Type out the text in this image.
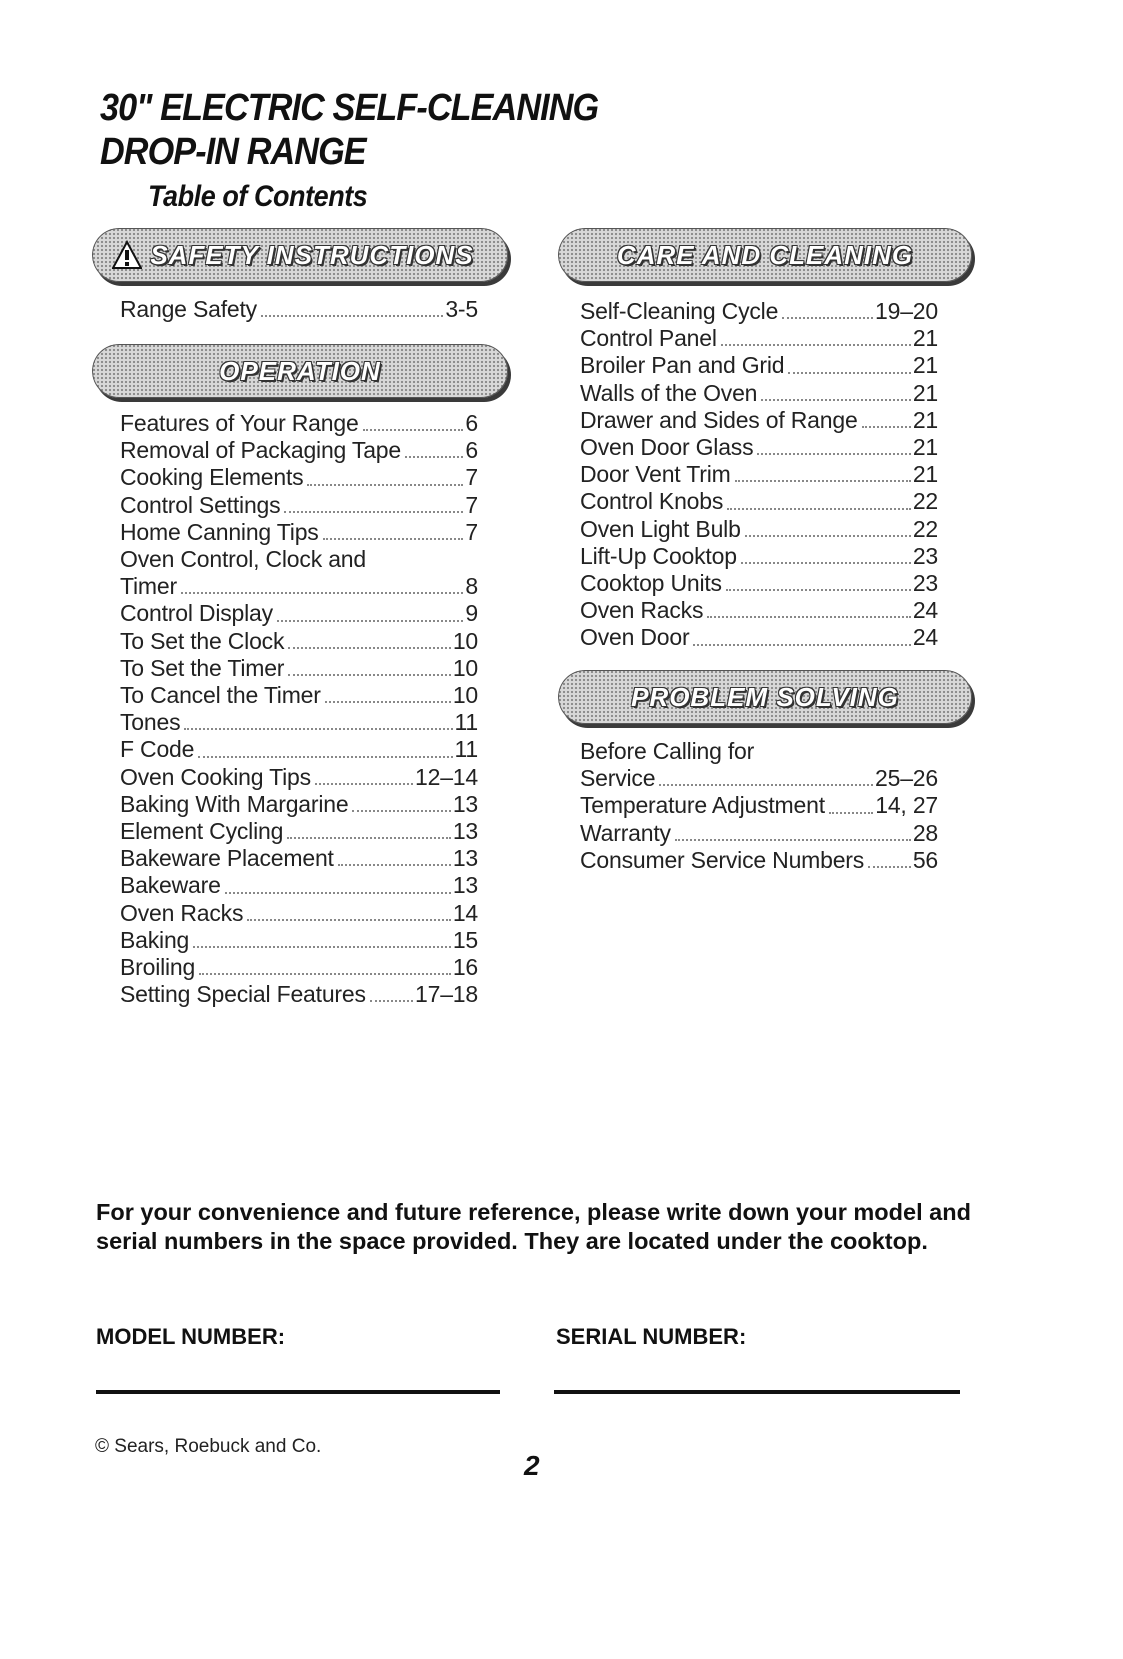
30" ELECTRIC SELF-CLEANING
DROP-IN RANGE
Table of Contents
SAFETY INSTRUCTIONS
Range Safety	3-5
OPERATION
Features of Your Range	6
Removal of Packaging Tape	6
Cooking Elements	7
Control Settings	7
Home Canning Tips	7
Oven Control, Clock and
Timer	8
Control Display	9
To Set the Clock	10
To Set the Timer	10
To Cancel the Timer	10
Tones	11
F Code	11
Oven Cooking Tips	12–14
Baking With Margarine	13
Element Cycling	13
Bakeware Placement	13
Bakeware	13
Oven Racks	14
Baking	15
Broiling	16
Setting Special Features 17–18
CARE AND CLEANING
Self-Cleaning Cycle	19–20
Control Panel	21
Broiler Pan and Grid	21
Walls of the Oven	21
Drawer and Sides of Range 21
Oven Door Glass	21
Door Vent Trim	21
Control Knobs	22
Oven Light Bulb	22
Lift-Up Cooktop	23
Cooktop Units	23
Oven Racks	24
Oven Door	24
PROBLEM SOLVING
Before Calling for
Service	25–26
Temperature Adjustment 14, 27
Warranty	28
Consumer Service Numbers 56
For your convenience and future reference, please write down your model and serial numbers in the space provided. They are located under the cooktop.
MODEL NUMBER:	SERIAL NUMBER:
© Sears, Roebuck and Co.
2
